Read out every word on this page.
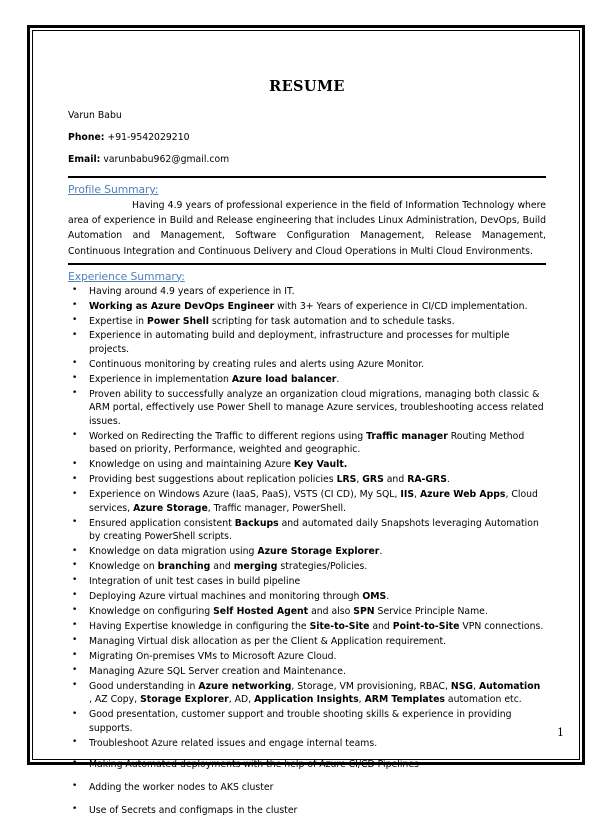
RESUME
Varun Babu
Phone: +91-9542029210
Email: varunbabu962@gmail.com
Profile Summary:

Having 4.9 years of professional experience in the field of Information Technology where area of experience in Build and Release engineering that includes Linux Administration, DevOps, Build Automation and Management, Software Configuration Management, Release Management, Continuous Integration and Continuous Delivery and Cloud Operations in Multi Cloud Environments.

Experience Summary:
• Having around 4.9 years of experience in IT.
• Working as Azure DevOps Engineer with 3+ Years of experience in CI/CD implementation.
• Expertise in Power Shell scripting for task automation and to schedule tasks.
• Experience in automating build and deployment, infrastructure and processes for multiple projects.
• Continuous monitoring by creating rules and alerts using Azure Monitor.
• Experience in implementation Azure load balancer.
• Proven ability to successfully analyze an organization cloud migrations, managing both classic & ARM portal, effectively use Power Shell to manage Azure services, troubleshooting access related issues.
• Worked on Redirecting the Traffic to different regions using Traffic manager Routing Method based on priority, Performance, weighted and geographic.
• Knowledge on using and maintaining Azure Key Vault.
• Providing best suggestions about replication policies LRS, GRS and RA-GRS.
• Experience on Windows Azure (IaaS, PaaS), VSTS (CI CD), My SQL, IIS, Azure Web Apps, Cloud services, Azure Storage, Traffic manager, PowerShell.
• Ensured application consistent Backups and automated daily Snapshots leveraging Automation by creating PowerShell scripts.
• Knowledge on data migration using Azure Storage Explorer.
• Knowledge on branching and merging strategies/Policies.
• Integration of unit test cases in build pipeline
• Deploying Azure virtual machines and monitoring through OMS.
• Knowledge on configuring Self Hosted Agent and also SPN Service Principle Name.
• Having Expertise knowledge in configuring the Site-to-Site and Point-to-Site VPN connections.
• Managing Virtual disk allocation as per the Client & Application requirement.
• Migrating On-premises VMs to Microsoft Azure Cloud.
• Managing Azure SQL Server creation and Maintenance.
• Good understanding in Azure networking, Storage, VM provisioning, RBAC, NSG, Automation , AZ Copy, Storage Explorer, AD, Application Insights, ARM Templates automation etc.
• Good presentation, customer support and trouble shooting skills & experience in providing supports.
• Troubleshoot Azure related issues and engage internal teams.
• Making Automated deployments with the help of Azure CI/CD Pipelines
• Adding the worker nodes to AKS cluster
• Use of Secrets and configmaps in the cluster
1
